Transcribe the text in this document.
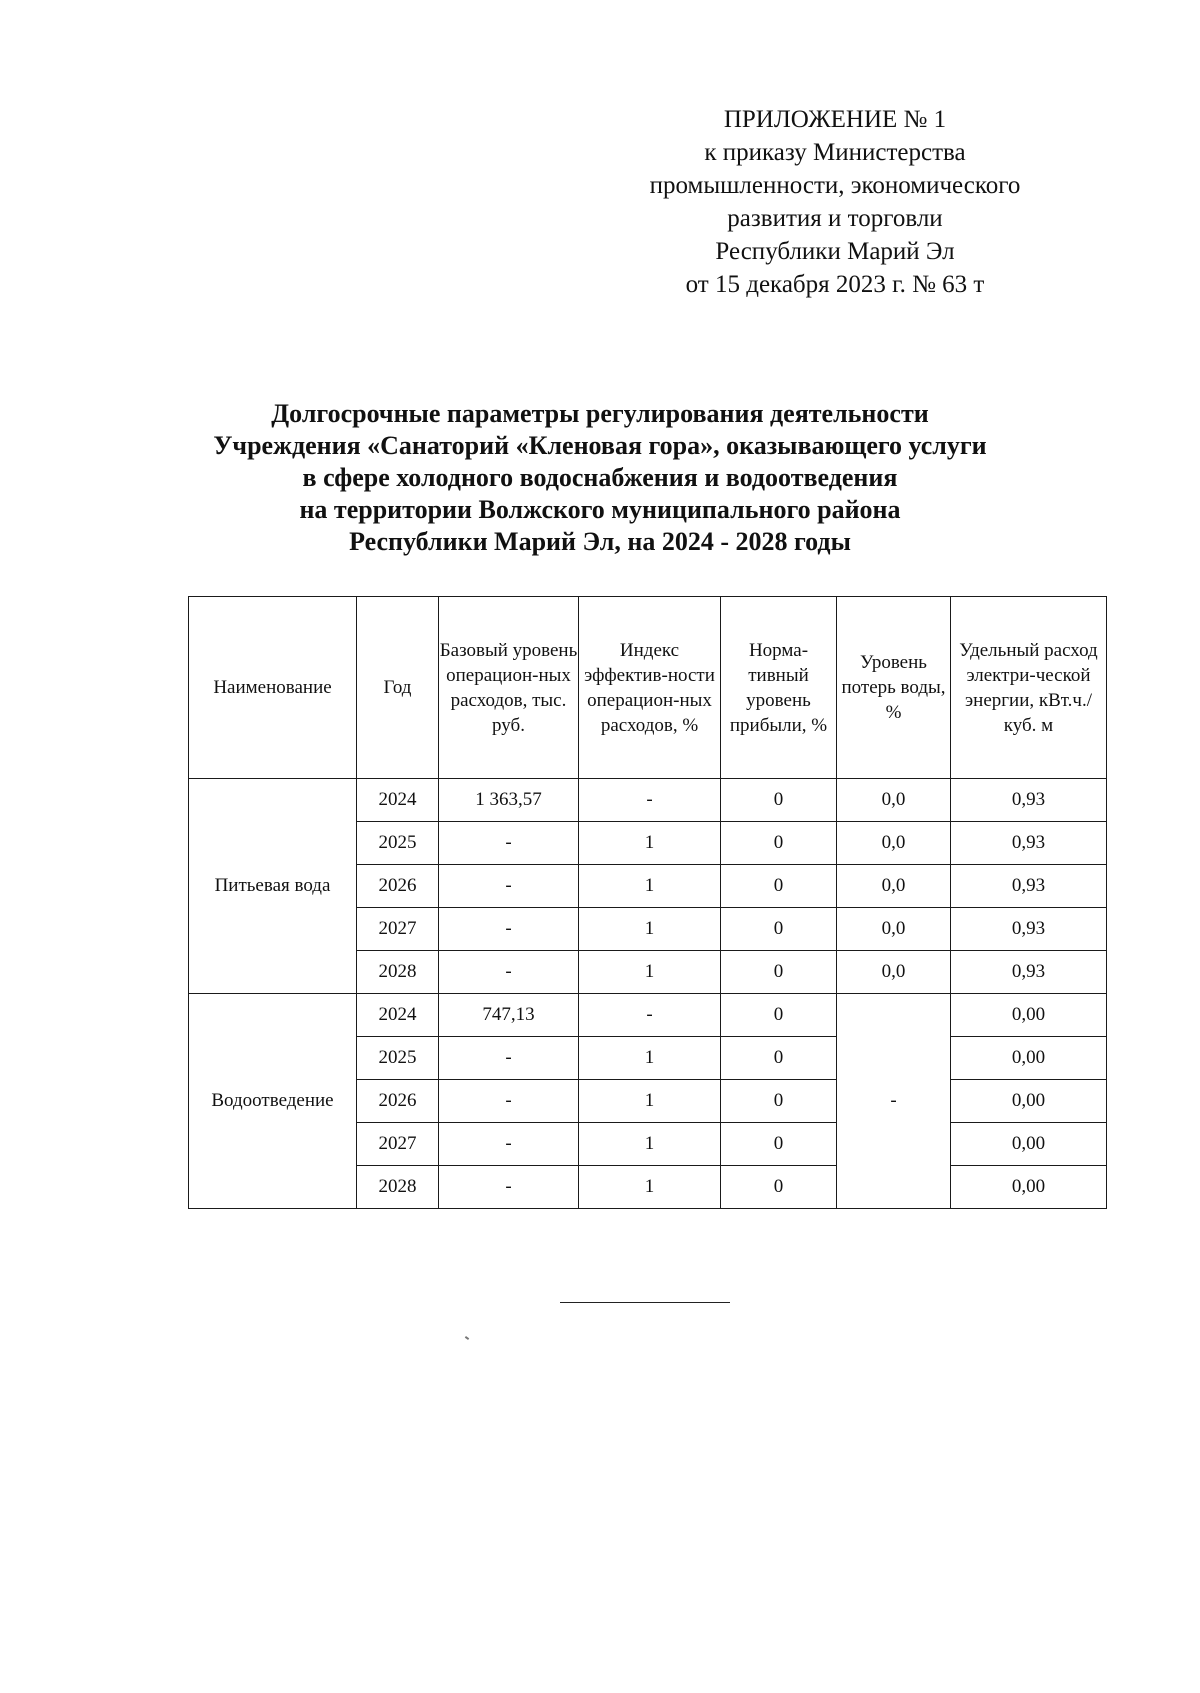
ПРИЛОЖЕНИЕ № 1
к приказу Министерства
промышленности, экономического
развития и торговли
Республики Марий Эл
от 15 декабря 2023 г. № 63 т
Долгосрочные параметры регулирования деятельности
Учреждения «Санаторий «Кленовая гора», оказывающего услуги
в сфере холодного водоснабжения и водоотведения
на территории Волжского муниципального района
Республики Марий Эл, на 2024 - 2028 годы
Наименование	Год	Базовый уровень операцион-ных расходов, тыс. руб.	Индекс эффектив-ности операцион-ных расходов, %	Норма-тивный уровень прибыли, %	Уровень потерь воды, %	Удельный расход электри-ческой энергии, кВт.ч./куб. м
Питьевая вода	2024	1 363,57	-	0	0,0	0,93
	2025	-	1	0	0,0	0,93
	2026	-	1	0	0,0	0,93
	2027	-	1	0	0,0	0,93
	2028	-	1	0	0,0	0,93
Водоотведение	2024	747,13	-	0	-	0,00
	2025	-	1	0		0,00
	2026	-	1	0		0,00
	2027	-	1	0		0,00
	2028	-	1	0		0,00
